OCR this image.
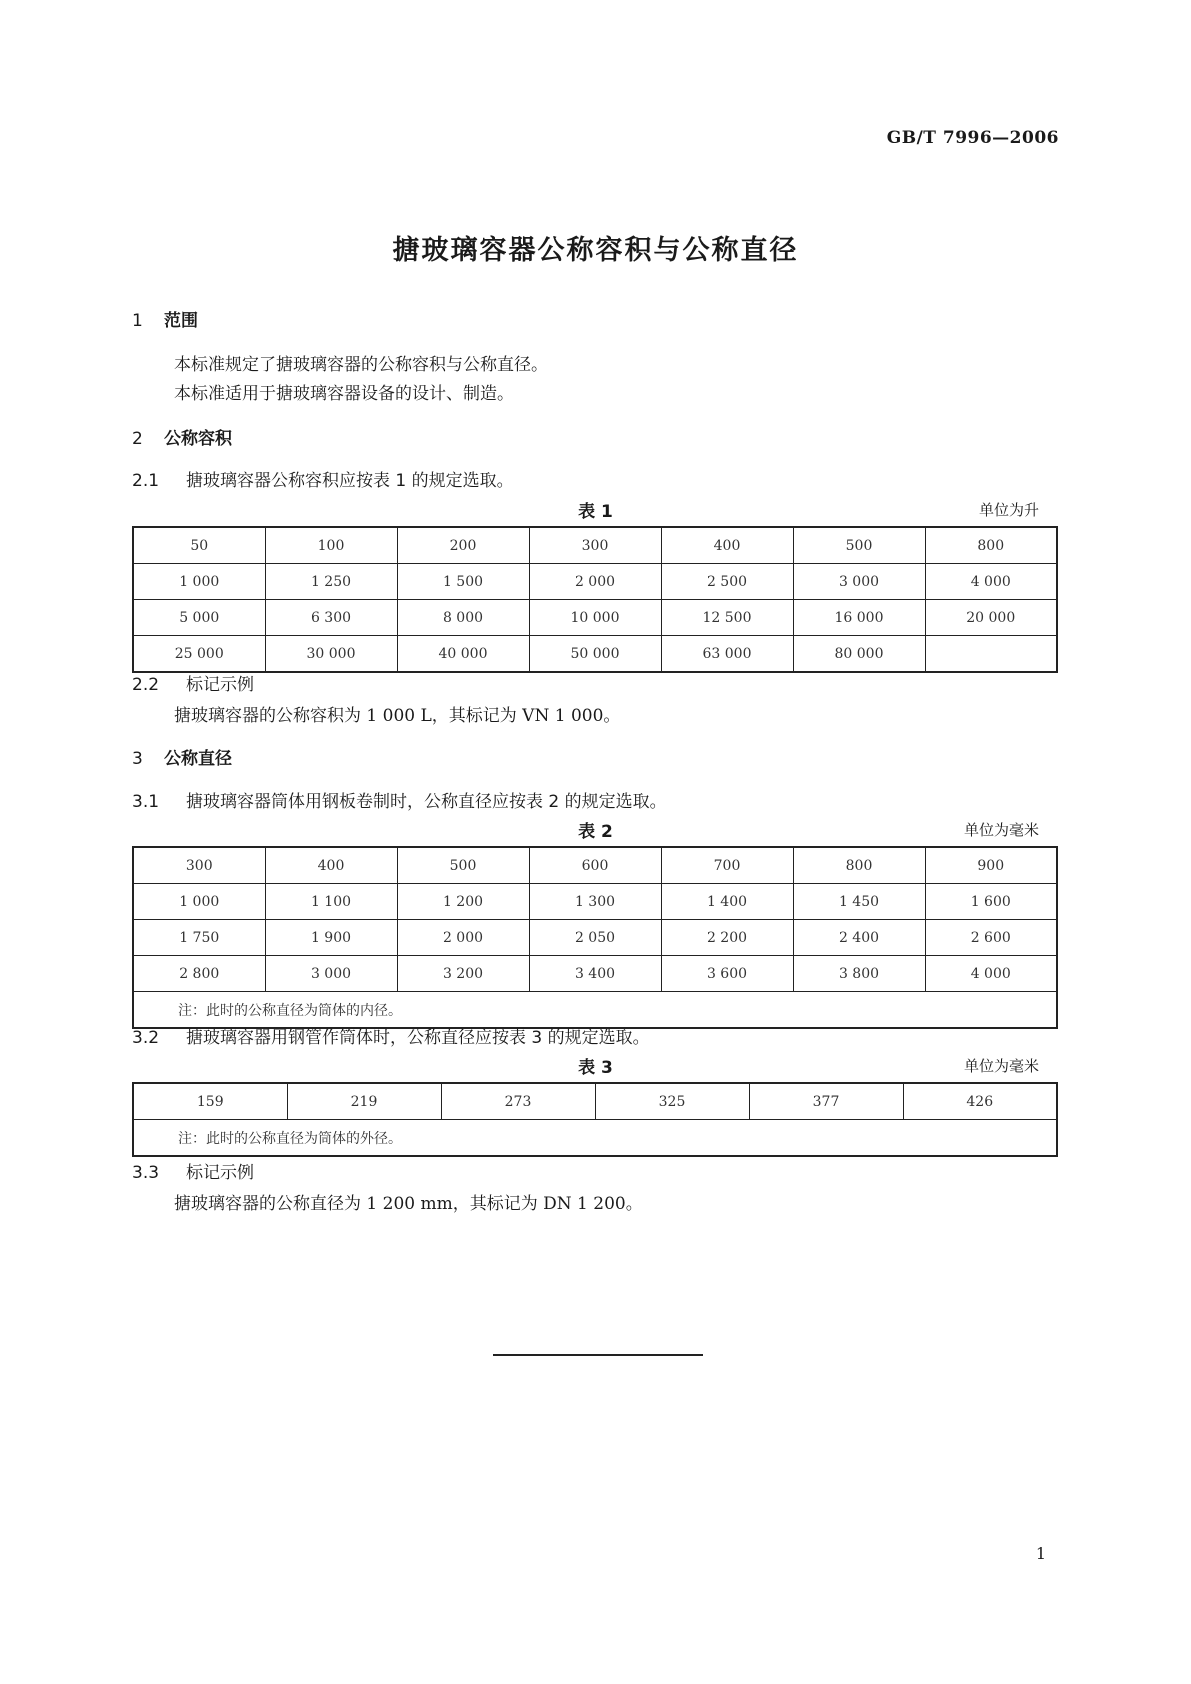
GB/T 7996—2006
搪玻璃容器公称容积与公称直径
1 范围
本标准规定了搪玻璃容器的公称容积与公称直径。
本标准适用于搪玻璃容器设备的设计、制造。
2 公称容积
2.1 搪玻璃容器公称容积应按表 1 的规定选取。
表 1	单位为升
50	100	200	300	400	500	800
1 000	1 250	1 500	2 000	2 500	3 000	4 000
5 000	6 300	8 000	10 000	12 500	16 000	20 000
25 000	30 000	40 000	50 000	63 000	80 000	
2.2 标记示例
搪玻璃容器的公称容积为 1 000 L，其标记为 VN 1 000。
3 公称直径
3.1 搪玻璃容器筒体用钢板卷制时，公称直径应按表 2 的规定选取。
表 2	单位为毫米
300	400	500	600	700	800	900
1 000	1 100	1 200	1 300	1 400	1 450	1 600
1 750	1 900	2 000	2 050	2 200	2 400	2 600
2 800	3 000	3 200	3 400	3 600	3 800	4 000
注：此时的公称直径为筒体的内径。						
3.2 搪玻璃容器用钢管作筒体时，公称直径应按表 3 的规定选取。
表 3	单位为毫米
159	219	273	325	377	426
注：此时的公称直径为筒体的外径。
3.3 标记示例
搪玻璃容器的公称直径为 1 200 mm，其标记为 DN 1 200。
1
